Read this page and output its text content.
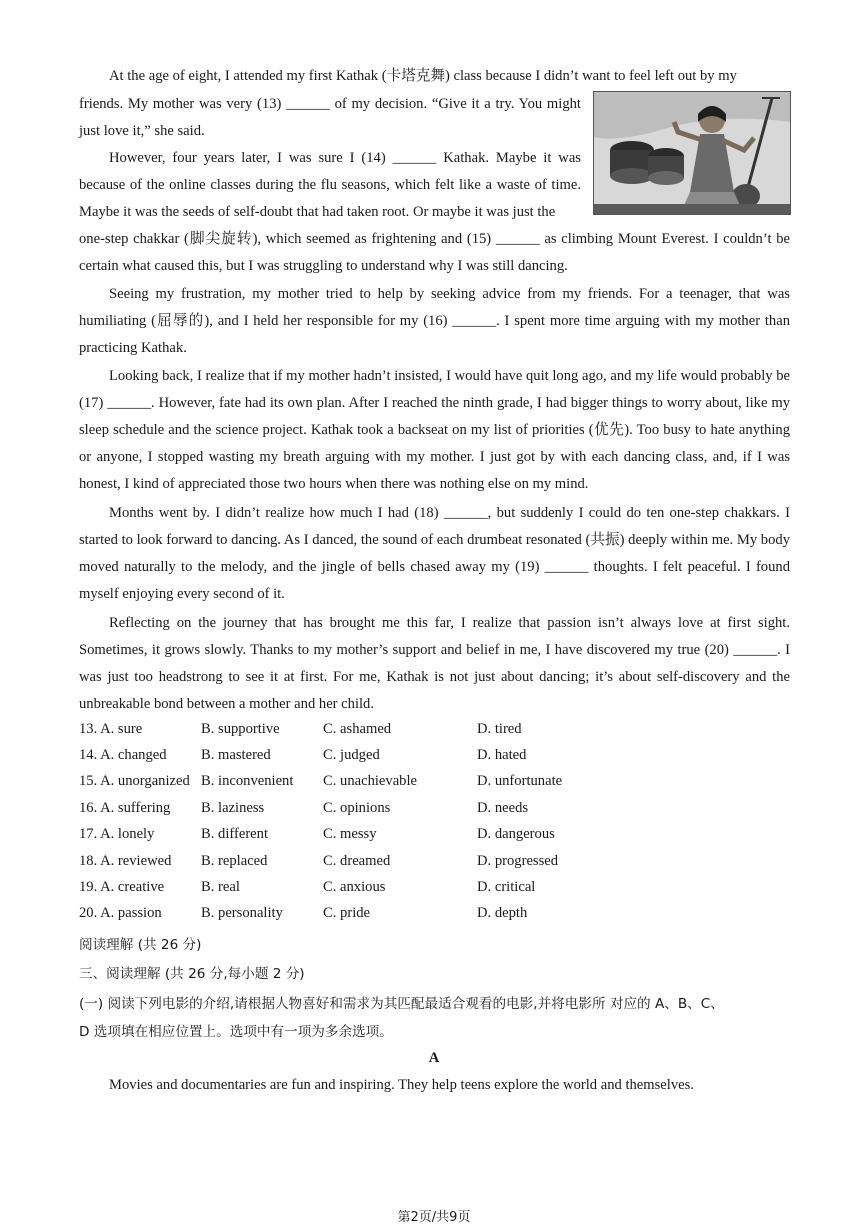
At the age of eight, I attended my first Kathak (卡塔克舞) class because I didn’t want to feel left out by my

friends. My mother was very (13) ______ of my decision. “Give it a try. You might just love it,” she said.

However, four years later, I was sure I (14) ______ Kathak. Maybe it was because of the online classes during the flu seasons, which felt like a waste of time. Maybe it was the seeds of self-doubt that had taken root. Or maybe it was just the

one-step chakkar (脚尖旋转), which seemed as frightening and (15) ______ as climbing Mount Everest. I couldn’t be certain what caused this, but I was struggling to understand why I was still dancing.

Seeing my frustration, my mother tried to help by seeking advice from my friends. For a teenager, that was humiliating (屈辱的), and I held her responsible for my (16) ______. I spent more time arguing with my mother than practicing Kathak.

Looking back, I realize that if my mother hadn’t insisted, I would have quit long ago, and my life would probably be (17) ______. However, fate had its own plan. After I reached the ninth grade, I had bigger things to worry about, like my sleep schedule and the science project. Kathak took a backseat on my list of priorities (优先). Too busy to hate anything or anyone, I stopped wasting my breath arguing with my mother. I just got by with each dancing class, and, if I was honest, I kind of appreciated those two hours when there was nothing else on my mind.

Months went by. I didn’t realize how much I had (18) ______, but suddenly I could do ten one-step chakkars. I started to look forward to dancing. As I danced, the sound of each drumbeat resonated (共振) deeply within me. My body moved naturally to the melody, and the jingle of bells chased away my (19) ______ thoughts. I felt peaceful. I found myself enjoying every second of it.

Reflecting on the journey that has brought me this far, I realize that passion isn’t always love at first sight. Sometimes, it grows slowly. Thanks to my mother’s support and belief in me, I have discovered my true (20) ______. I was just too headstrong to see it at first. For me, Kathak is not just about dancing; it’s about self-discovery and the unbreakable bond between a mother and her child.

13. A. sure	B. supportive	C. ashamed	D. tired
14. A. changed	B. mastered	C. judged	D. hated
15. A. unorganized	B. inconvenient	C. unachievable	D. unfortunate
16. A. suffering	B. laziness	C. opinions	D. needs
17. A. lonely	B. different	C. messy	D. dangerous
18. A. reviewed	B. replaced	C. dreamed	D. progressed
19. A. creative	B. real	C. anxious	D. critical
20. A. passion	B. personality	C. pride	D. depth

阅读理解 (共 26 分)

三、阅读理解 (共 26 分,每小题 2 分)

(一) 阅读下列电影的介绍,请根据人物喜好和需求为其匹配最适合观看的电影,并将电影所 对应的 A、B、C、

D 选项填在相应位置上。选项中有一项为多余选项。

A

Movies and documentaries are fun and inspiring. They help teens explore the world and themselves.

第2页/共9页
